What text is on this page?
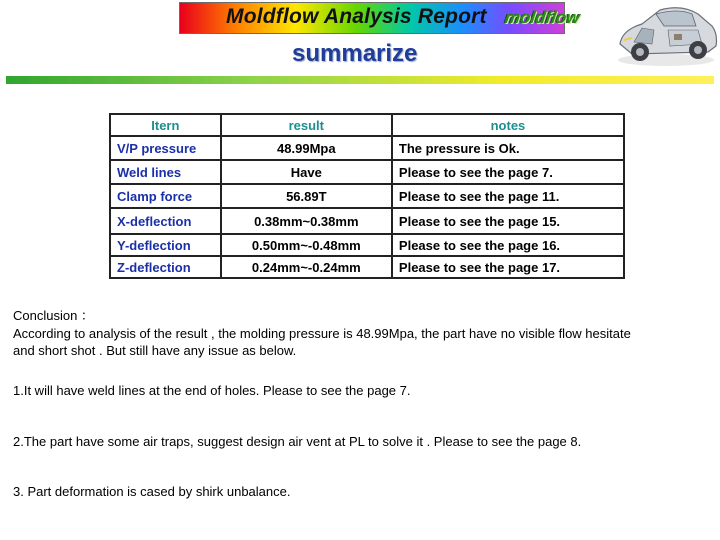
Moldflow Analysis Report moldflow
summarize
Itern	result	notes
V/P pressure	48.99Mpa	The pressure is Ok.
Weld lines	Have	Please to see the page 7.
Clamp force	56.89T	Please to see the page 11.
X-deflection	0.38mm~0.38mm	Please to see the page 15.
Y-deflection	0.50mm~-0.48mm	Please to see the page 16.
Z-deflection	0.24mm~-0.24mm	Please to see the page 17.
Conclusion ：
According to analysis of the result , the molding pressure is 48.99Mpa, the part have no visible flow hesitate
and short shot . But still have any issue as below.
1.It will have weld lines at the end of holes. Please to see the page 7.
2.The part have some air traps, suggest design air vent at PL to solve it . Please to see the page 8.
3. Part deformation is cased by shirk unbalance.
